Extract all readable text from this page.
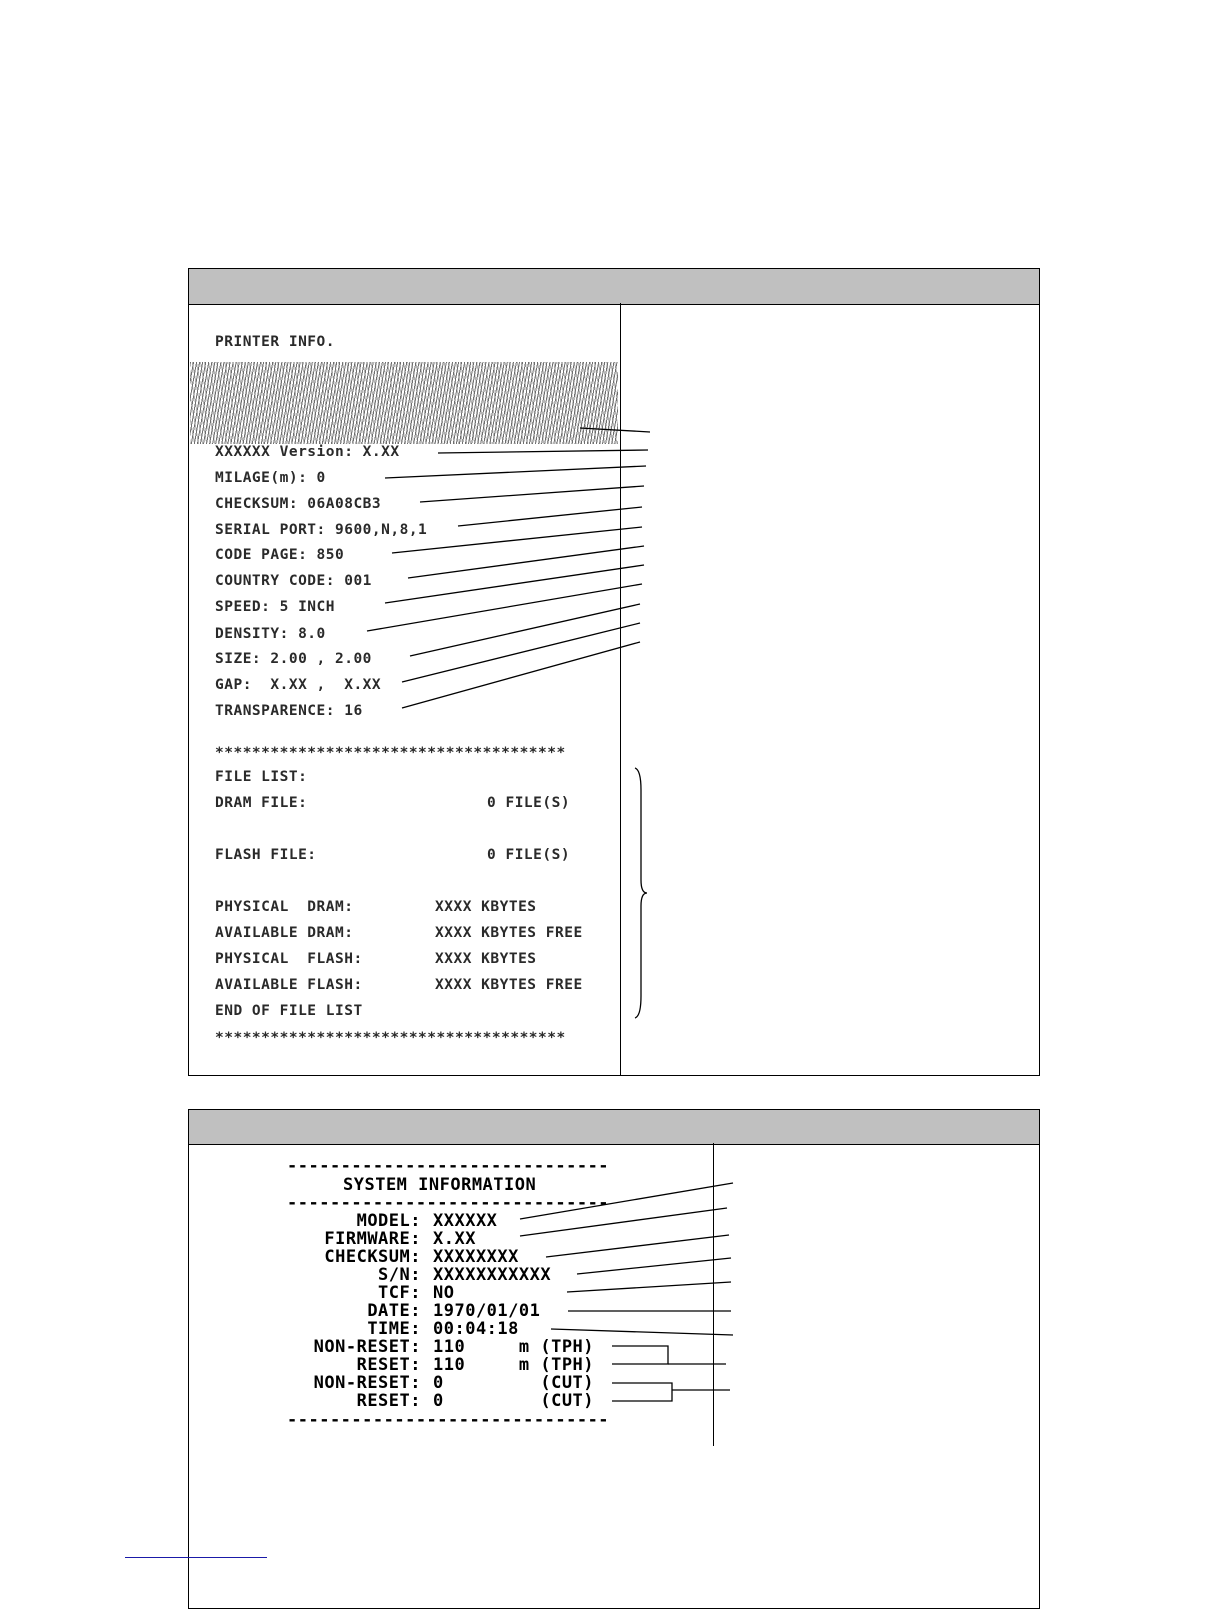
PRINTER INFO.
XXXXXX Version: X.XX
MILAGE(m): 0
CHECKSUM: 06A08CB3
SERIAL PORT: 9600,N,8,1
CODE PAGE: 850
COUNTRY CODE: 001
SPEED: 5 INCH
DENSITY: 8.0
SIZE: 2.00 , 2.00
GAP:  X.XX ,  X.XX
TRANSPARENCE: 16
**************************************
FILE LIST:
DRAM FILE:	0 FILE(S)
FLASH FILE:	0 FILE(S)
PHYSICAL  DRAM:	XXXX KBYTES
AVAILABLE DRAM:	XXXX KBYTES FREE
PHYSICAL  FLASH:	XXXX KBYTES
AVAILABLE FLASH:	XXXX KBYTES FREE
END OF FILE LIST
**************************************
------------------------------
SYSTEM INFORMATION
------------------------------
MODEL: XXXXXX
FIRMWARE: X.XX
CHECKSUM: XXXXXXXX
S/N: XXXXXXXXXXX
TCF: NO
DATE: 1970/01/01
TIME: 00:04:18
NON-RESET: 110     m (TPH)
RESET: 110     m (TPH)
NON-RESET: 0         (CUT)
RESET: 0         (CUT)
------------------------------
